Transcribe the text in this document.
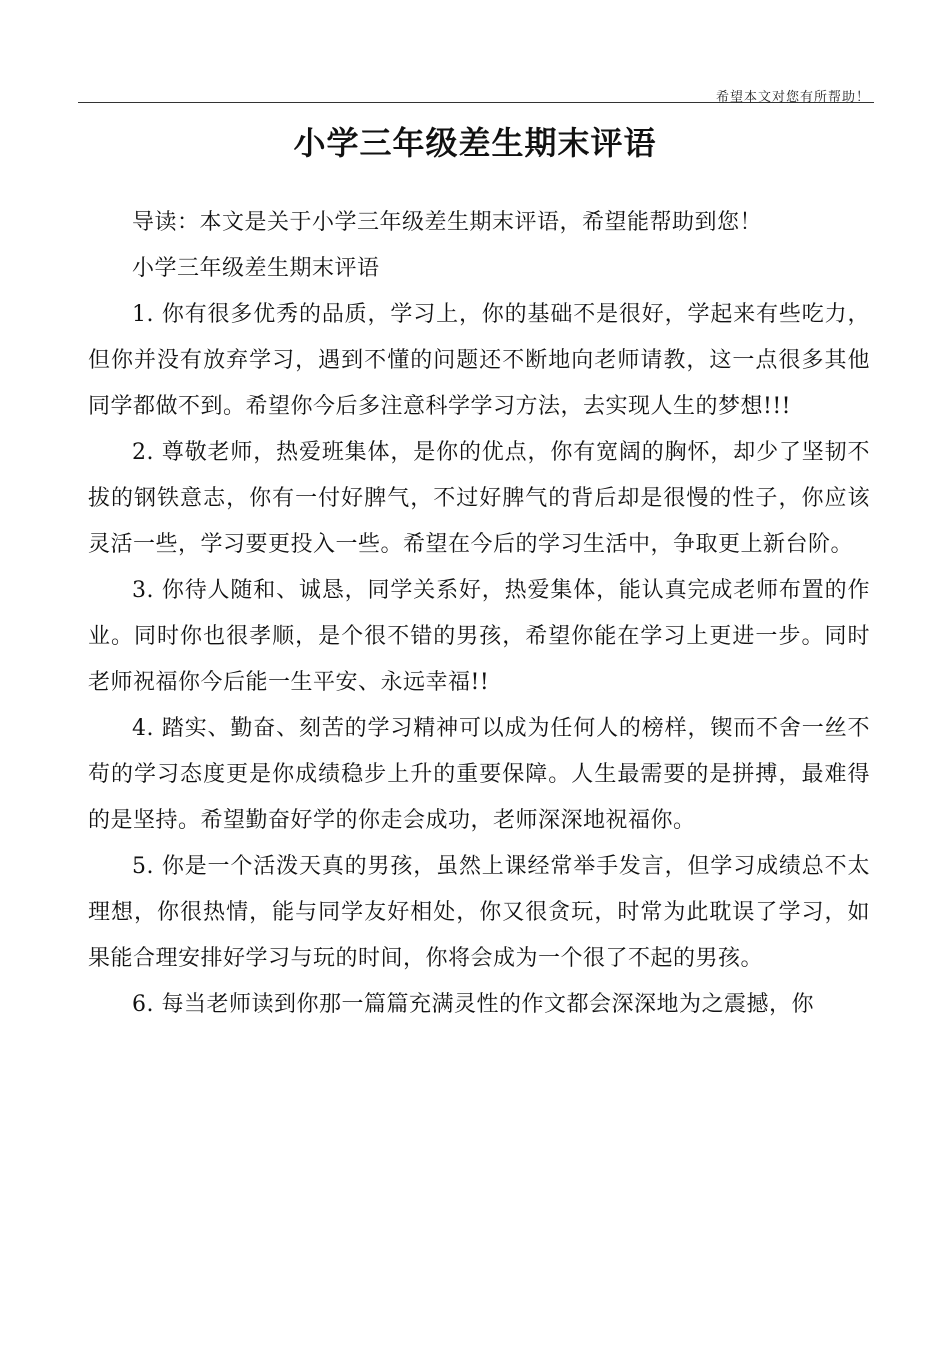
希望本文对您有所帮助！
小学三年级差生期末评语

导读：本文是关于小学三年级差生期末评语，希望能帮助到您！

小学三年级差生期末评语

1. 你有很多优秀的品质，学习上，你的基础不是很好，学起来有些吃力，但你并没有放弃学习，遇到不懂的问题还不断地向老师请教，这一点很多其他同学都做不到。希望你今后多注意科学学习方法，去实现人生的梦想!!!

2. 尊敬老师，热爱班集体，是你的优点，你有宽阔的胸怀，却少了坚韧不拔的钢铁意志，你有一付好脾气，不过好脾气的背后却是很慢的性子，你应该灵活一些，学习要更投入一些。希望在今后的学习生活中，争取更上新台阶。

3. 你待人随和、诚恳，同学关系好，热爱集体，能认真完成老师布置的作业。同时你也很孝顺，是个很不错的男孩，希望你能在学习上更进一步。同时老师祝福你今后能一生平安、永远幸福!!

4. 踏实、勤奋、刻苦的学习精神可以成为任何人的榜样，锲而不舍一丝不苟的学习态度更是你成绩稳步上升的重要保障。人生最需要的是拼搏，最难得的是坚持。希望勤奋好学的你走会成功，老师深深地祝福你。

5. 你是一个活泼天真的男孩，虽然上课经常举手发言，但学习成绩总不太理想，你很热情，能与同学友好相处，你又很贪玩，时常为此耽误了学习，如果能合理安排好学习与玩的时间，你将会成为一个很了不起的男孩。

6. 每当老师读到你那一篇篇充满灵性的作文都会深深地为之震撼，你
